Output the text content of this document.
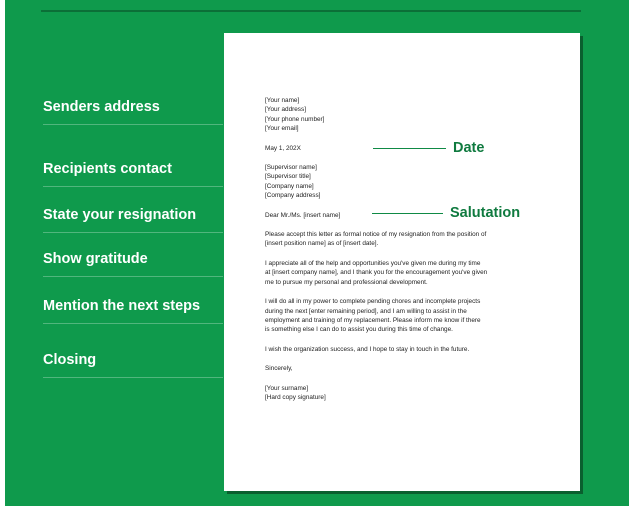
Senders address
Recipients contact
State your resignation
Show gratitude
Mention the next steps
Closing
[Your name]
[Your address]
[Your phone number]
[Your email]
May 1, 202X
[Supervisor name]
[Supervisor title]
[Company name]
[Company address]
Dear Mr./Ms. [insert name]
Please accept this letter as formal notice of my resignation from the position of
[insert position name] as of [insert date].
I appreciate all of the help and opportunities you've given me during my time
at [insert company name], and I thank you for the encouragement you've given
me to pursue my personal and professional development.
I will do all in my power to complete pending chores and incomplete projects
during the next [enter remaining period], and I am willing to assist in the
employment and training of my replacement. Please inform me know if there
is something else I can do to assist you during this time of change.
I wish the organization success, and I hope to stay in touch in the future.
Sincerely,
[Your surname]
[Hard copy signature]
Date
Salutation
